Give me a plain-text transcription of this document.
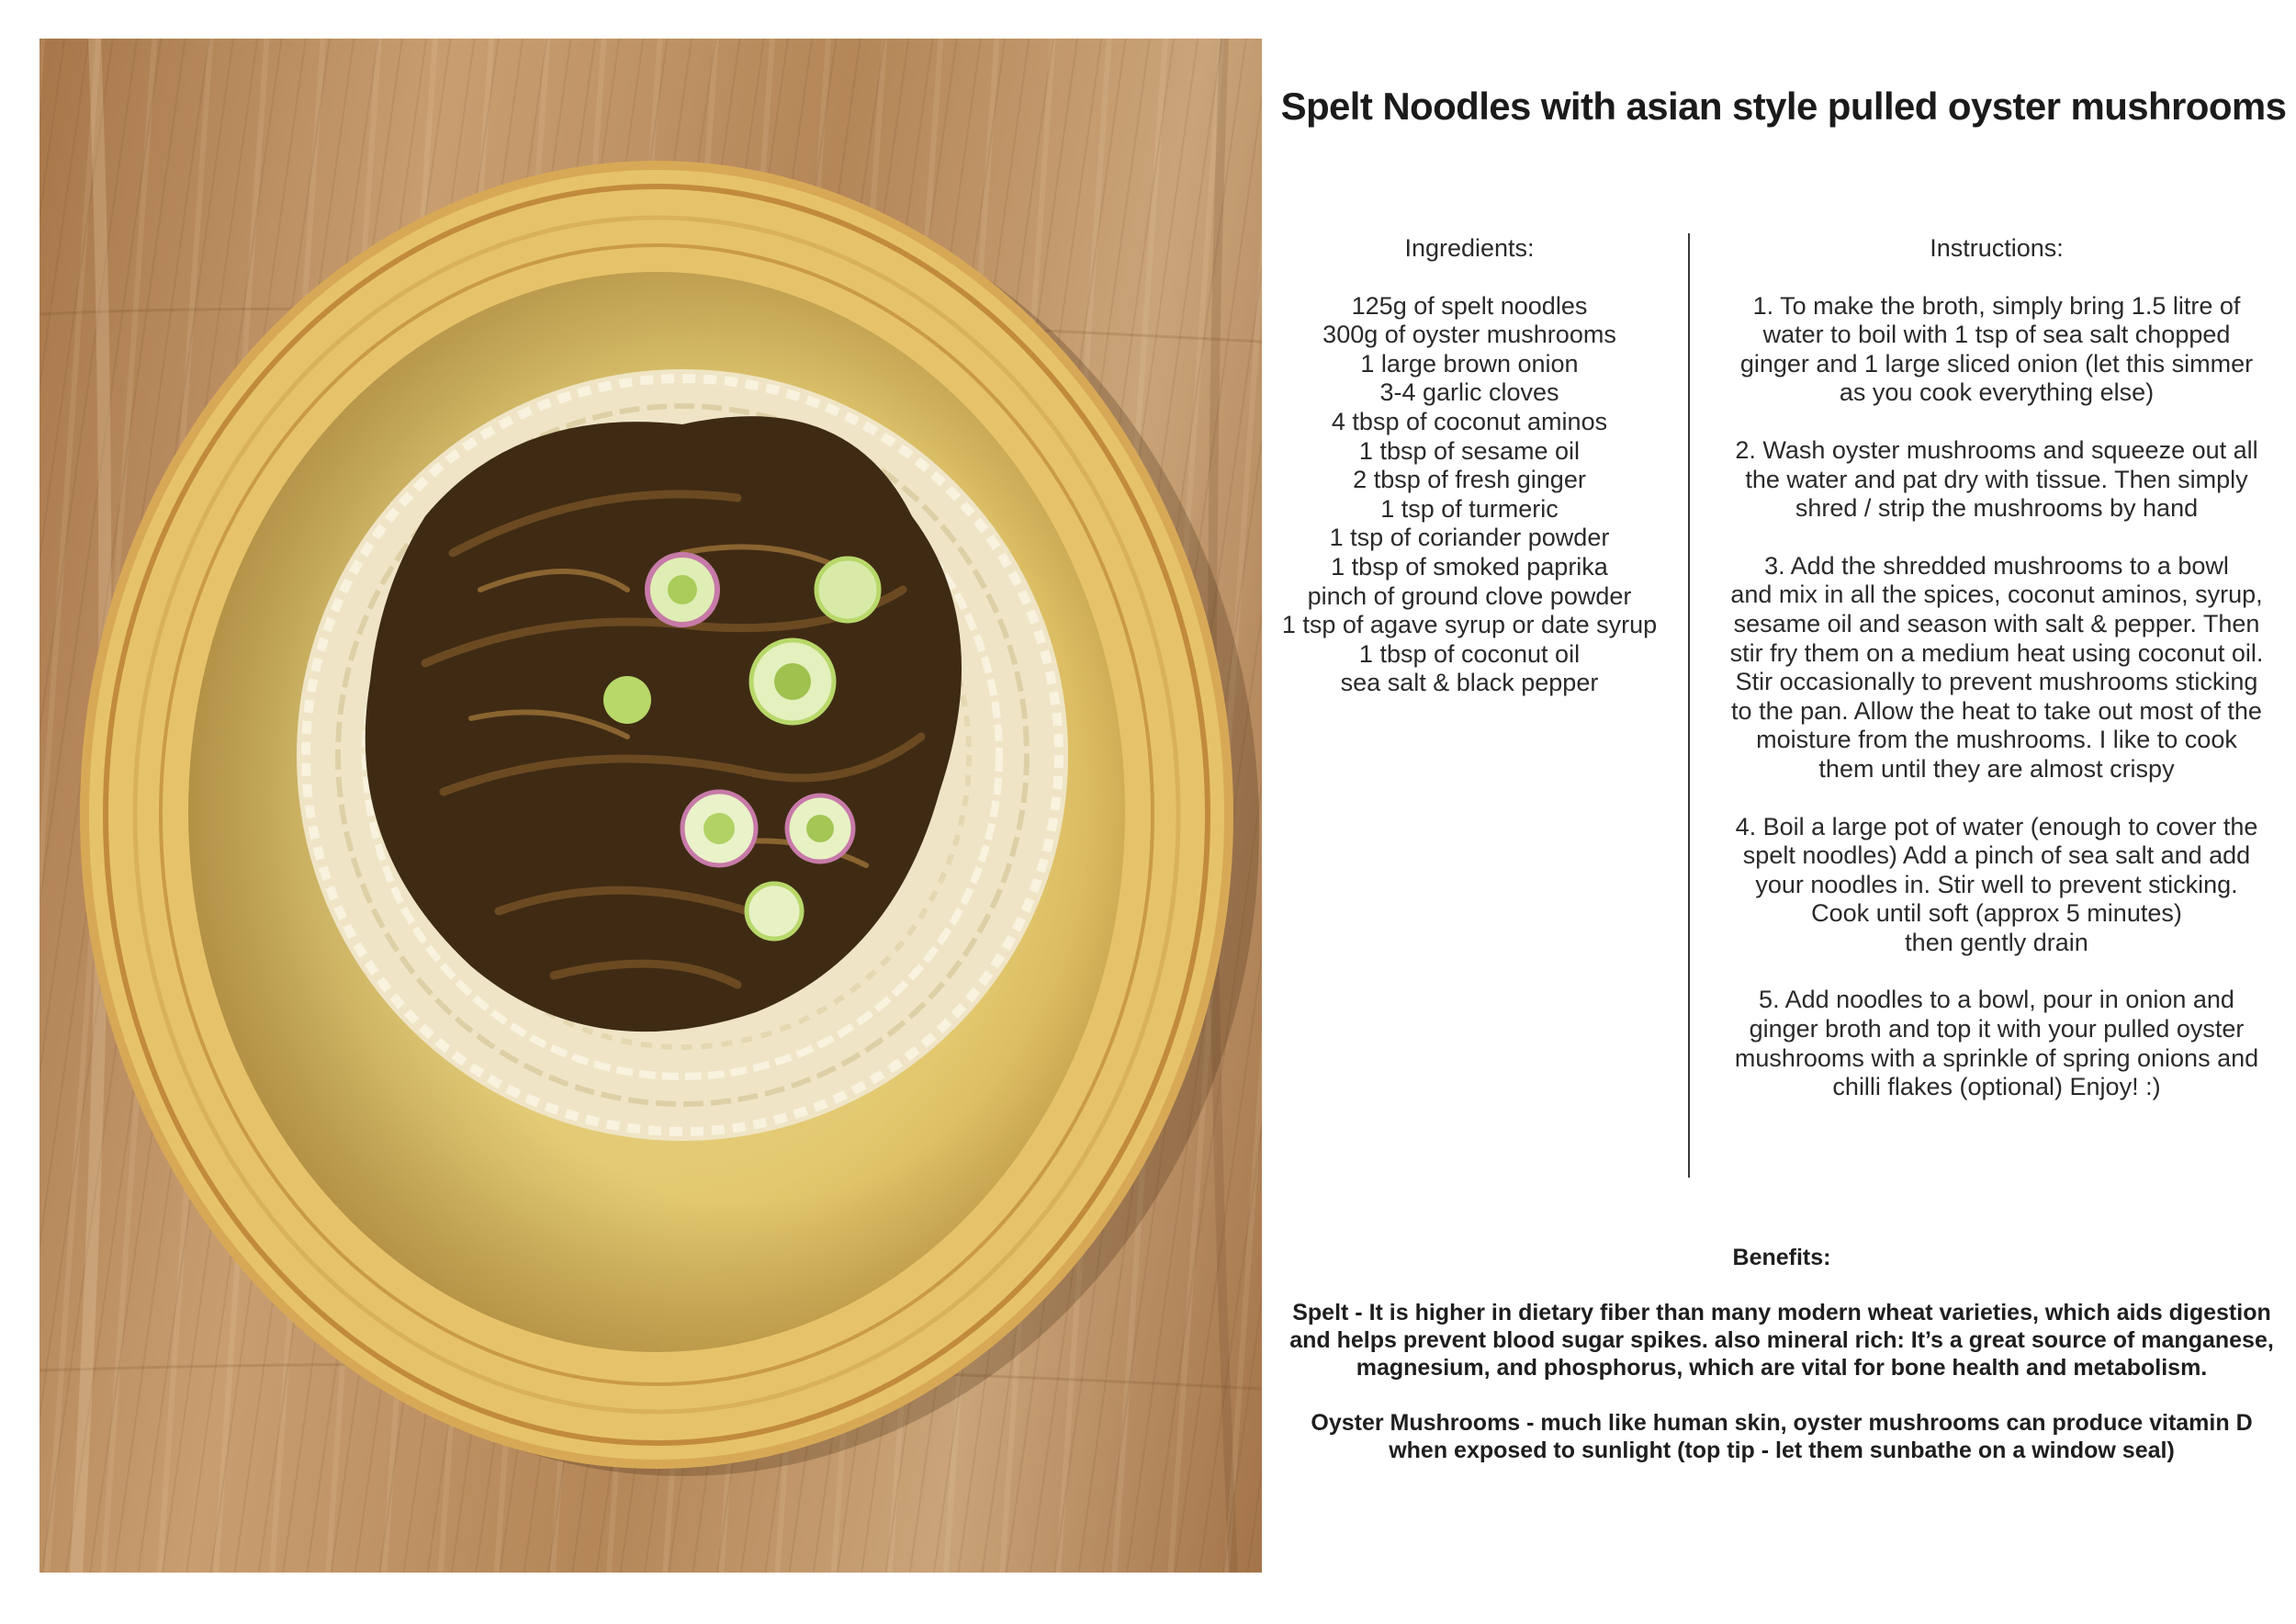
Spelt Noodles with asian style pulled oyster mushrooms
Ingredients:
125g of spelt noodles
300g of oyster mushrooms
1 large brown onion
3-4 garlic cloves
4 tbsp of coconut aminos
1 tbsp of sesame oil
2 tbsp of fresh ginger
1 tsp of turmeric
1 tsp of coriander powder
1 tbsp of smoked paprika
pinch of ground clove powder
1 tsp of agave syrup or date syrup
1 tbsp of coconut oil
sea salt & black pepper
Instructions:
1. To make the broth, simply bring 1.5 litre of
water to boil with 1 tsp of sea salt chopped
ginger and 1 large sliced onion (let this simmer
as you cook everything else)
2. Wash oyster mushrooms and squeeze out all
the water and pat dry with tissue. Then simply
shred / strip the mushrooms by hand
3. Add the shredded mushrooms to a bowl
and mix in all the spices, coconut aminos, syrup,
sesame oil and season with salt & pepper. Then
stir fry them on a medium heat using coconut oil.
Stir occasionally to prevent mushrooms sticking
to the pan. Allow the heat to take out most of the
moisture from the mushrooms. I like to cook
them until they are almost crispy
4. Boil a large pot of water (enough to cover the
spelt noodles) Add a pinch of sea salt and add
your noodles in. Stir well to prevent sticking.
Cook until soft (approx 5 minutes)
then gently drain
5. Add noodles to a bowl, pour in onion and
ginger broth and top it with your pulled oyster
mushrooms with a sprinkle of spring onions and
chilli flakes (optional) Enjoy! :)
Benefits:
Spelt - It is higher in dietary fiber than many modern wheat varieties, which aids digestion
and helps prevent blood sugar spikes. also mineral rich: It’s a great source of manganese,
magnesium, and phosphorus, which are vital for bone health and metabolism.
Oyster Mushrooms - much like human skin, oyster mushrooms can produce vitamin D
when exposed to sunlight (top tip - let them sunbathe on a window seal)
